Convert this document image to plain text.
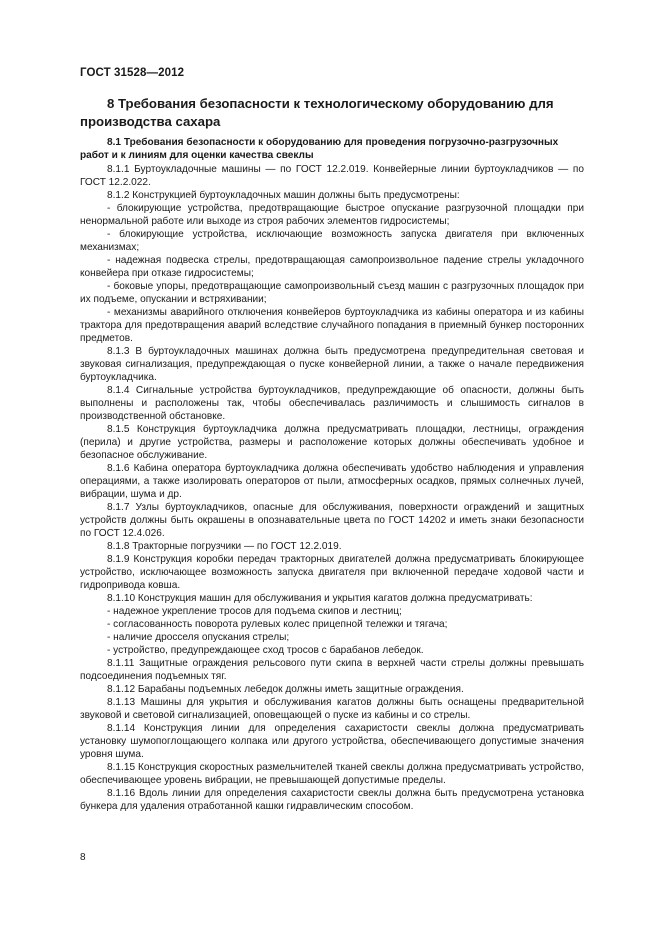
ГОСТ 31528—2012
8 Требования безопасности к технологическому оборудованию для производства сахара
8.1 Требования безопасности к оборудованию для проведения погрузочно-разгрузочных работ и к линиям для оценки качества свеклы

8.1.1 Буртоукладочные машины — по ГОСТ 12.2.019. Конвейерные линии буртоукладчиков — по ГОСТ 12.2.022.

8.1.2 Конструкцией буртоукладочных машин должны быть предусмотрены:

- блокирующие устройства, предотвращающие быстрое опускание разгрузочной площадки при ненормальной работе или выходе из строя рабочих элементов гидросистемы;

- блокирующие устройства, исключающие возможность запуска двигателя при включенных механизмах;

- надежная подвеска стрелы, предотвращающая самопроизвольное падение стрелы укладочного конвейера при отказе гидросистемы;

- боковые упоры, предотвращающие самопроизвольный съезд машин с разгрузочных площадок при их подъеме, опускании и встряхивании;

- механизмы аварийного отключения конвейеров буртоукладчика из кабины оператора и из кабины трактора для предотвращения аварий вследствие случайного попадания в приемный бункер посторонних предметов.

8.1.3 В буртоукладочных машинах должна быть предусмотрена предупредительная световая и звуковая сигнализация, предупреждающая о пуске конвейерной линии, а также о начале передвижения буртоукладчика.

8.1.4 Сигнальные устройства буртоукладчиков, предупреждающие об опасности, должны быть выполнены и расположены так, чтобы обеспечивалась различимость и слышимость сигналов в производственной обстановке.

8.1.5 Конструкция буртоукладчика должна предусматривать площадки, лестницы, ограждения (перила) и другие устройства, размеры и расположение которых должны обеспечивать удобное и безопасное обслуживание.

8.1.6 Кабина оператора буртоукладчика должна обеспечивать удобство наблюдения и управления операциями, а также изолировать операторов от пыли, атмосферных осадков, прямых солнечных лучей, вибрации, шума и др.

8.1.7 Узлы буртоукладчиков, опасные для обслуживания, поверхности ограждений и защитных устройств должны быть окрашены в опознавательные цвета по ГОСТ 14202 и иметь знаки безопасности по ГОСТ 12.4.026.

8.1.8 Тракторные погрузчики — по ГОСТ 12.2.019.

8.1.9 Конструкция коробки передач тракторных двигателей должна предусматривать блокирующее устройство, исключающее возможность запуска двигателя при включенной передаче ходовой части и гидропривода ковша.

8.1.10 Конструкция машин для обслуживания и укрытия кагатов должна предусматривать:

- надежное укрепление тросов для подъема скипов и лестниц;

- согласованность поворота рулевых колес прицепной тележки и тягача;

- наличие дросселя опускания стрелы;

- устройство, предупреждающее сход тросов с барабанов лебедок.

8.1.11 Защитные ограждения рельсового пути скипа в верхней части стрелы должны превышать подсоединения подъемных тяг.

8.1.12 Барабаны подъемных лебедок должны иметь защитные ограждения.

8.1.13 Машины для укрытия и обслуживания кагатов должны быть оснащены предварительной звуковой и световой сигнализацией, оповещающей о пуске из кабины и со стрелы.

8.1.14 Конструкция линии для определения сахаристости свеклы должна предусматривать установку шумопоглощающего колпака или другого устройства, обеспечивающего допустимые значения уровня шума.

8.1.15 Конструкция скоростных размельчителей тканей свеклы должна предусматривать устройство, обеспечивающее уровень вибрации, не превышающей допустимые пределы.

8.1.16 Вдоль линии для определения сахаристости свеклы должна быть предусмотрена установка бункера для удаления отработанной кашки гидравлическим способом.

8
